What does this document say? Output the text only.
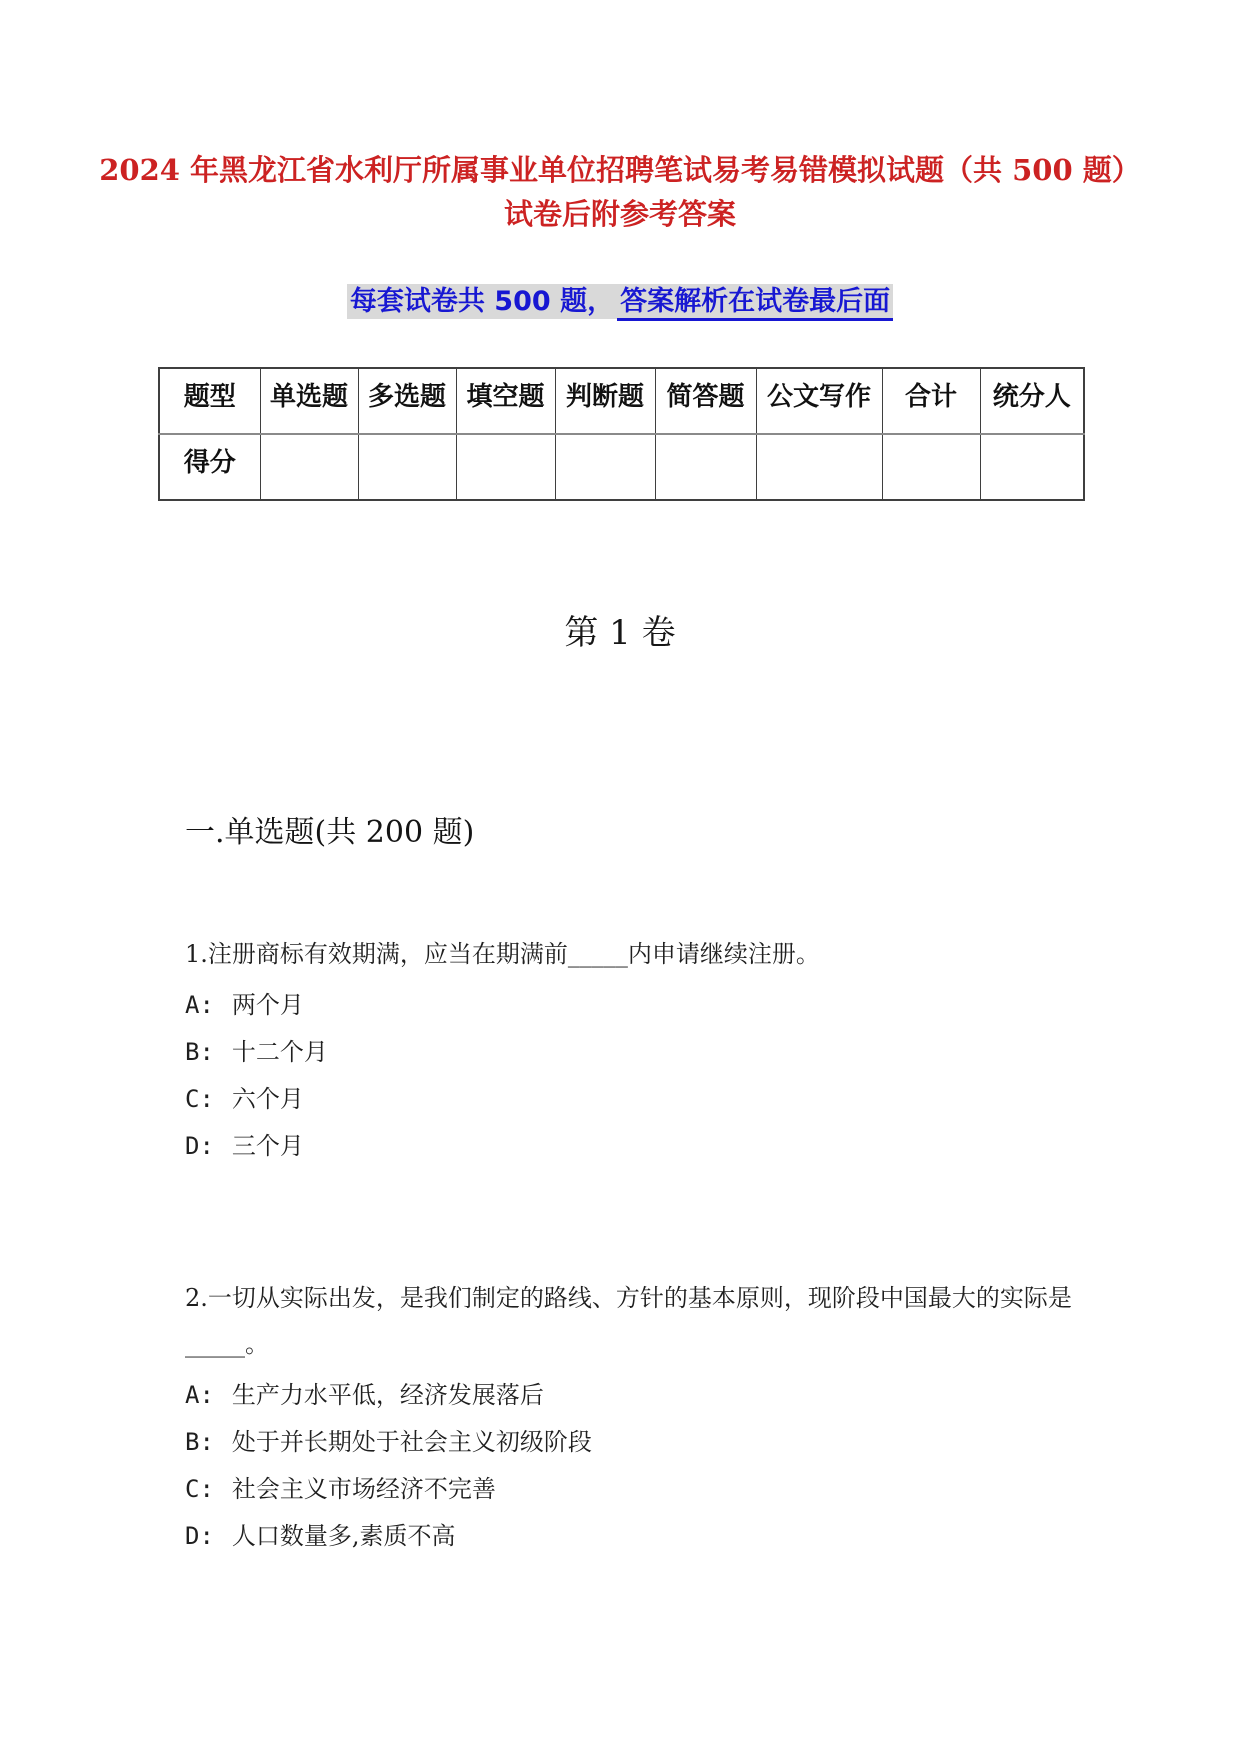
2024 年黑龙江省水利厅所属事业单位招聘笔试易考易错模拟试题（共 500 题）
试卷后附参考答案
每套试卷共 500 题， 答案解析在试卷最后面
题型	单选题	多选题	填空题	判断题	简答题	公文写作	合计	统分人
得分								
第 1 卷
一.单选题(共 200 题)

1.注册商标有效期满，应当在期满前_____内申请继续注册。

A: 两个月
B: 十二个月
C: 六个月
D: 三个月

2.一切从实际出发，是我们制定的路线、方针的基本原则，现阶段中国最大的实际是_____。

A: 生产力水平低，经济发展落后
B: 处于并长期处于社会主义初级阶段
C: 社会主义市场经济不完善
D: 人口数量多,素质不高
